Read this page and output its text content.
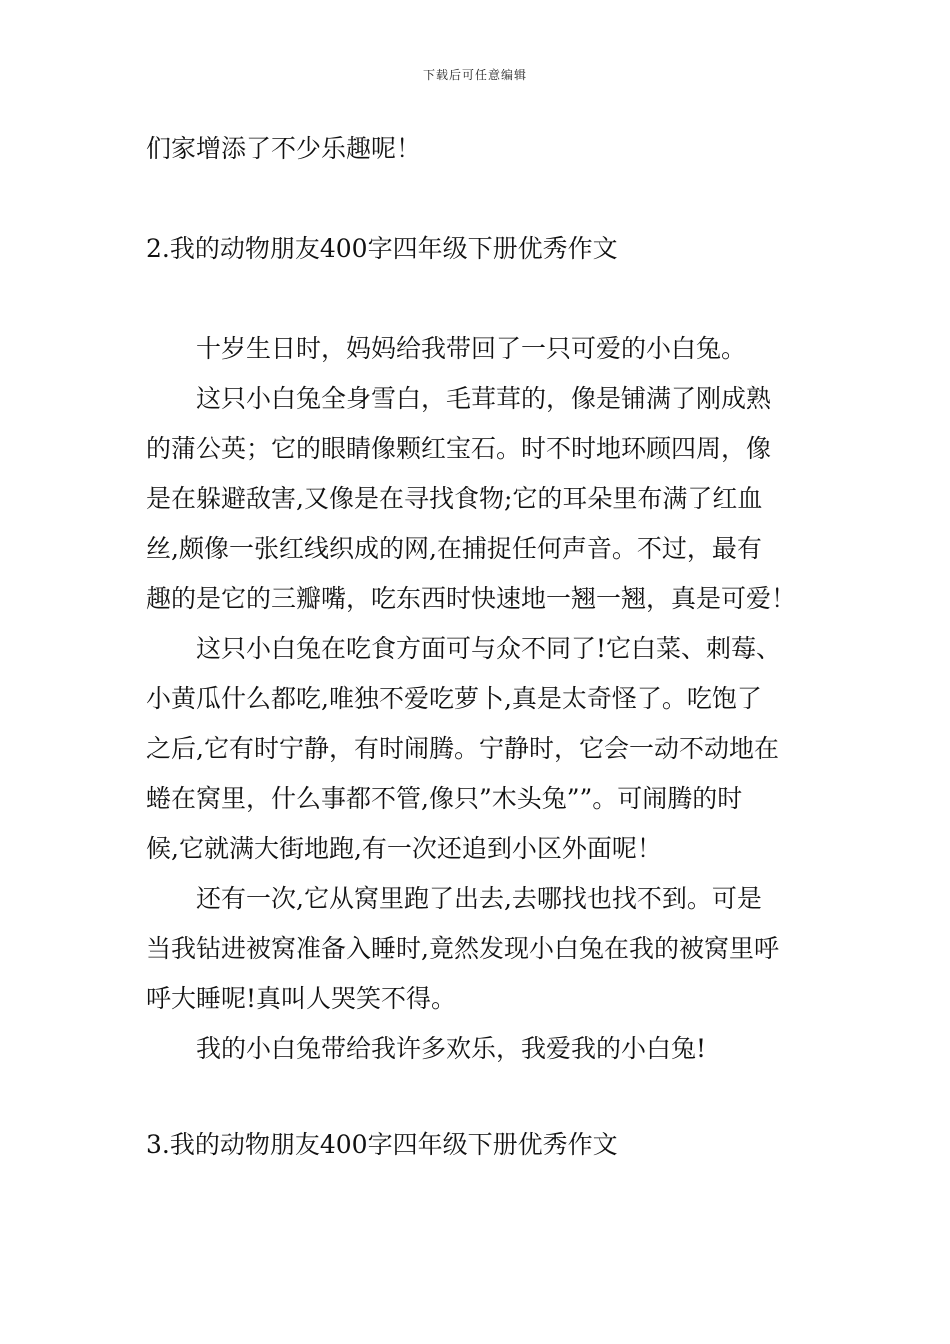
下载后可任意编辑
们家增添了不少乐趣呢！
2.我的动物朋友400字四年级下册优秀作文
十岁生日时，妈妈给我带回了一只可爱的小白兔。
这只小白兔全身雪白，毛茸茸的，像是铺满了刚成熟
的蒲公英；它的眼睛像颗红宝石。时不时地环顾四周，像
是在躲避敌害,又像是在寻找食物;它的耳朵里布满了红血
丝,颇像一张红线织成的网,在捕捉任何声音。不过，最有
趣的是它的三瓣嘴，吃东西时快速地一翘一翘，真是可爱！
这只小白兔在吃食方面可与众不同了!它白菜、刺莓、
小黄瓜什么都吃,唯独不爱吃萝卜,真是太奇怪了。吃饱了
之后,它有时宁静，有时闹腾。宁静时，它会一动不动地在
蜷在窝里，什么事都不管,像只”木头兔””。可闹腾的时
候,它就满大街地跑,有一次还追到小区外面呢！
还有一次,它从窝里跑了出去,去哪找也找不到。可是
当我钻进被窝准备入睡时,竟然发现小白兔在我的被窝里呼
呼大睡呢!真叫人哭笑不得。
我的小白兔带给我许多欢乐，我爱我的小白兔!
3.我的动物朋友400字四年级下册优秀作文
